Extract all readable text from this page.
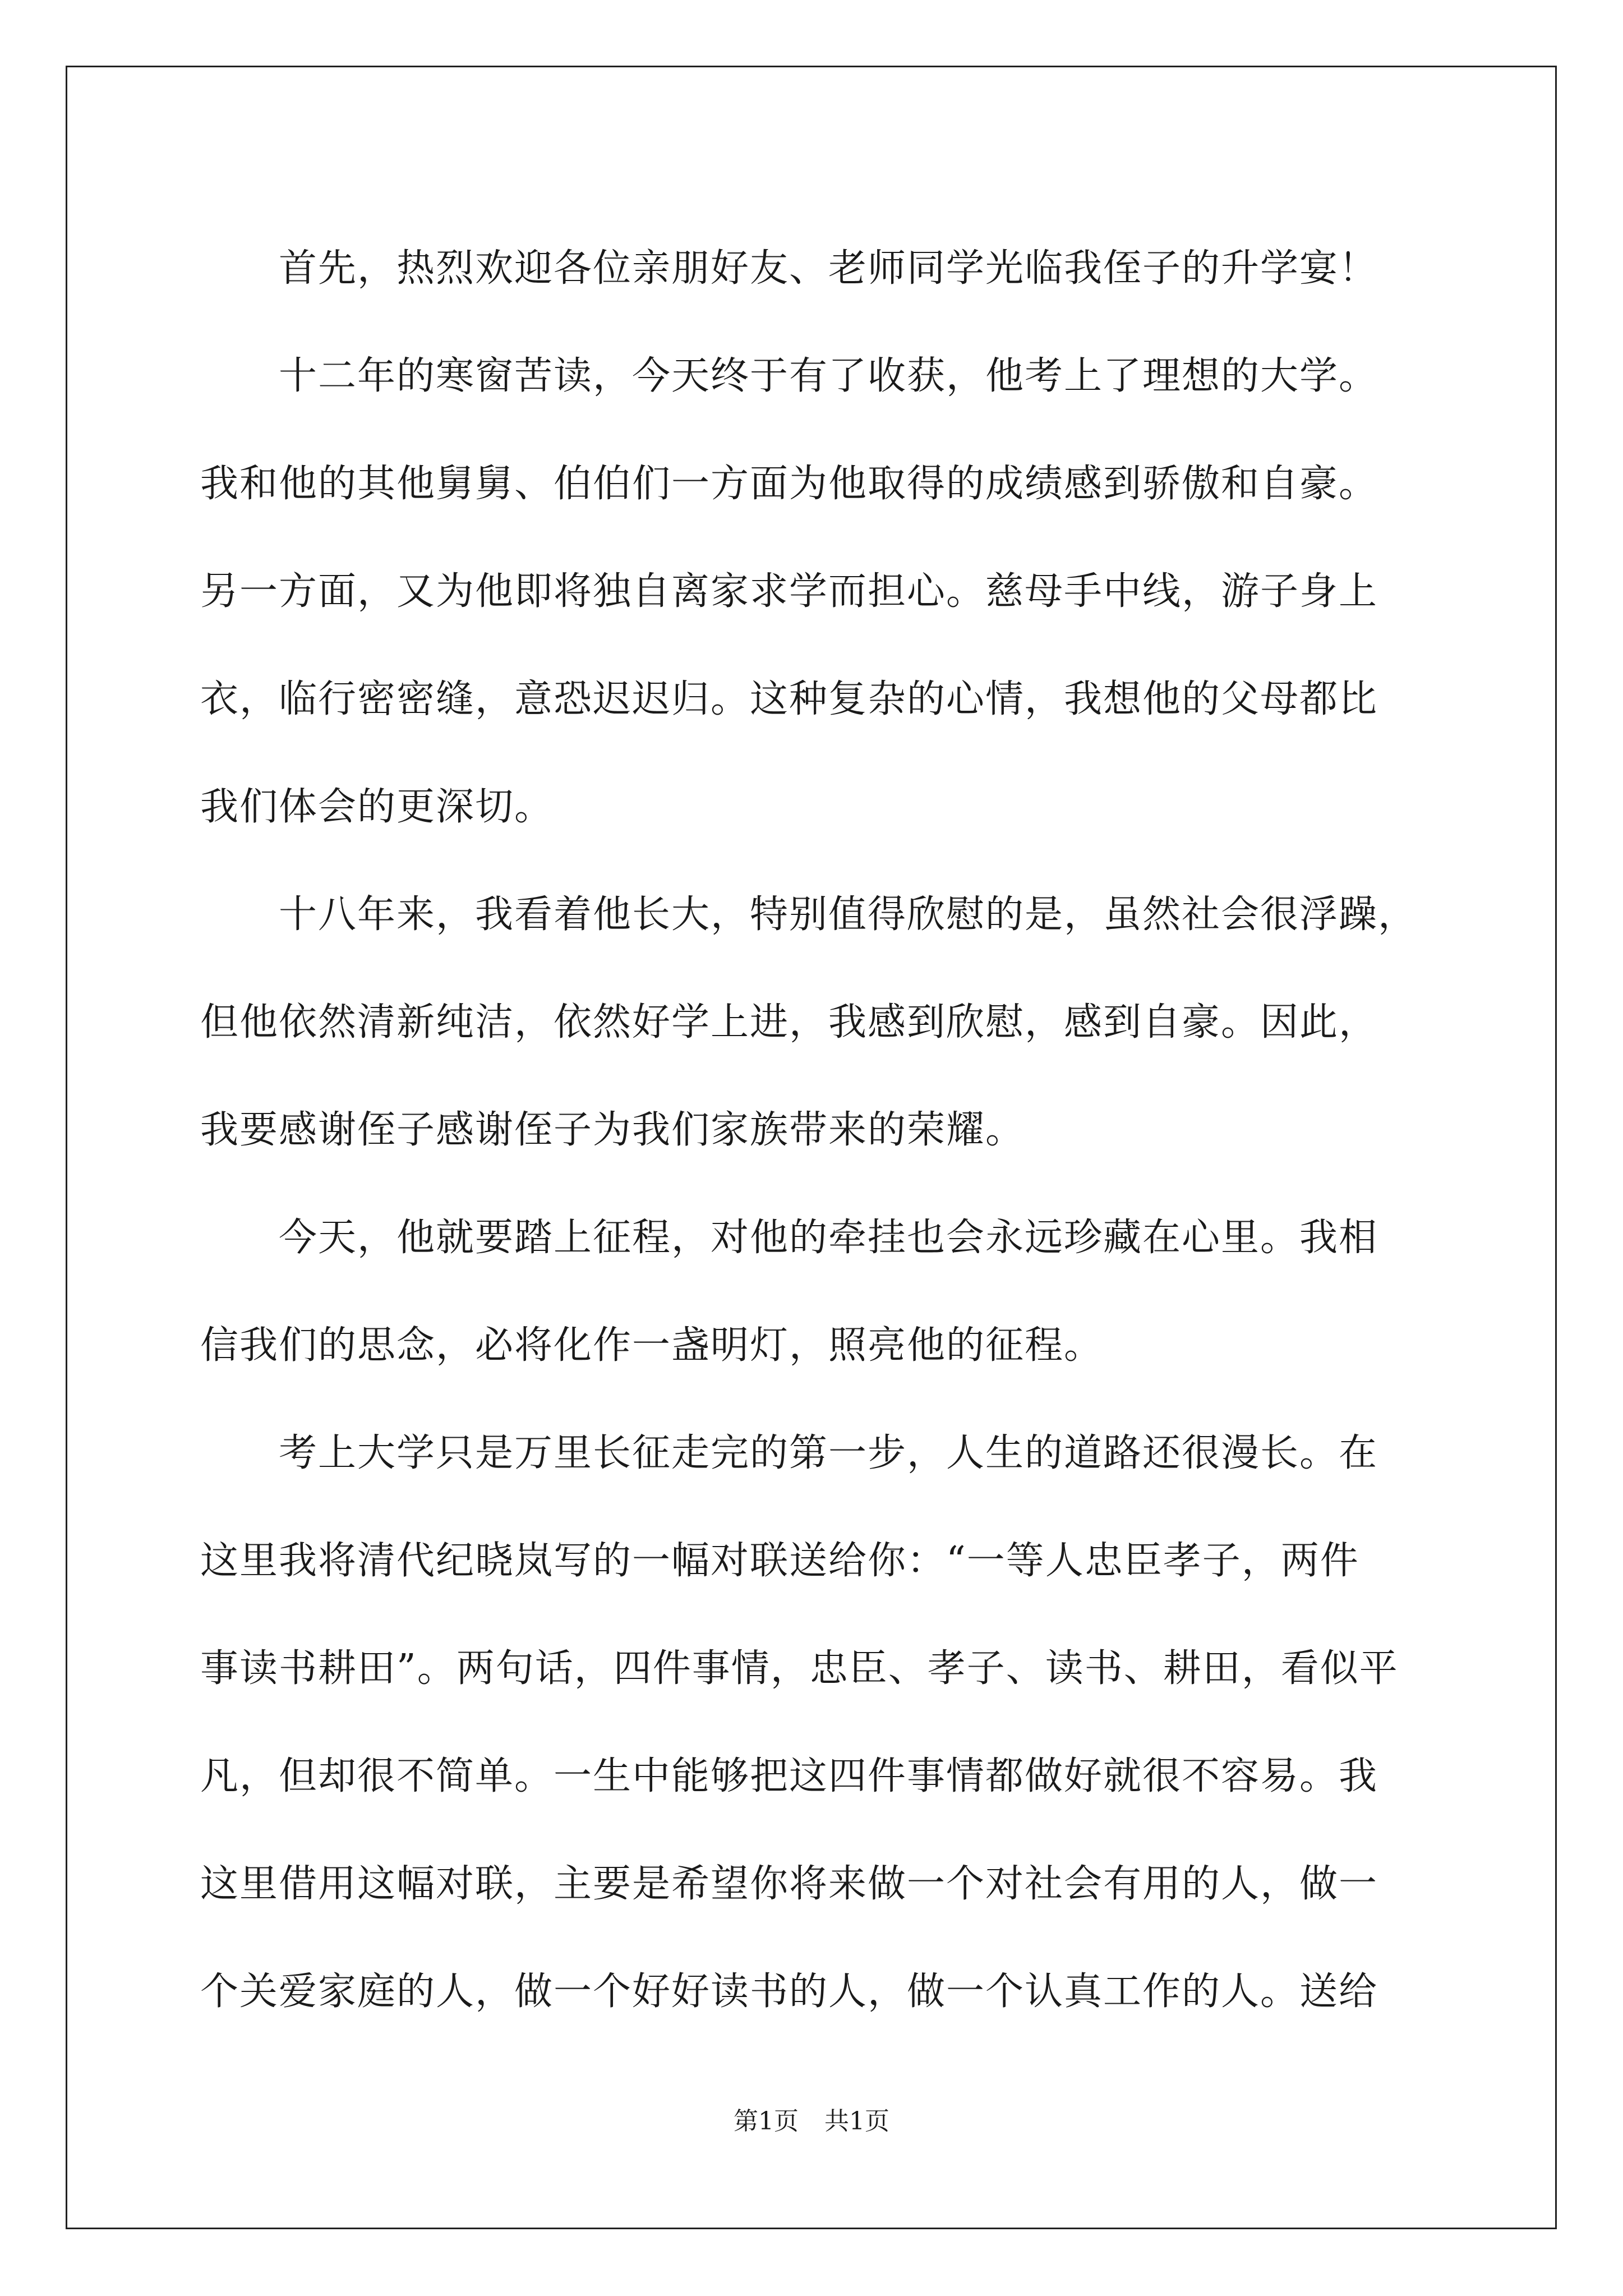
首先，热烈欢迎各位亲朋好友、老师同学光临我侄子的升学宴！
十二年的寒窗苦读，今天终于有了收获，他考上了理想的大学。
我和他的其他舅舅、伯伯们一方面为他取得的成绩感到骄傲和自豪。
另一方面，又为他即将独自离家求学而担心。慈母手中线，游子身上
衣，临行密密缝，意恐迟迟归。这种复杂的心情，我想他的父母都比
我们体会的更深切。
十八年来，我看着他长大，特别值得欣慰的是，虽然社会很浮躁，
但他依然清新纯洁，依然好学上进，我感到欣慰，感到自豪。因此，
我要感谢侄子感谢侄子为我们家族带来的荣耀。
今天，他就要踏上征程，对他的牵挂也会永远珍藏在心里。我相
信我们的思念，必将化作一盏明灯，照亮他的征程。
考上大学只是万里长征走完的第一步，人生的道路还很漫长。在
这里我将清代纪晓岚写的一幅对联送给你：“一等人忠臣孝子，两件
事读书耕田”。两句话，四件事情，忠臣、孝子、读书、耕田，看似平
凡，但却很不简单。一生中能够把这四件事情都做好就很不容易。我
这里借用这幅对联，主要是希望你将来做一个对社会有用的人，做一
个关爱家庭的人，做一个好好读书的人，做一个认真工作的人。送给
第1页 共1页
